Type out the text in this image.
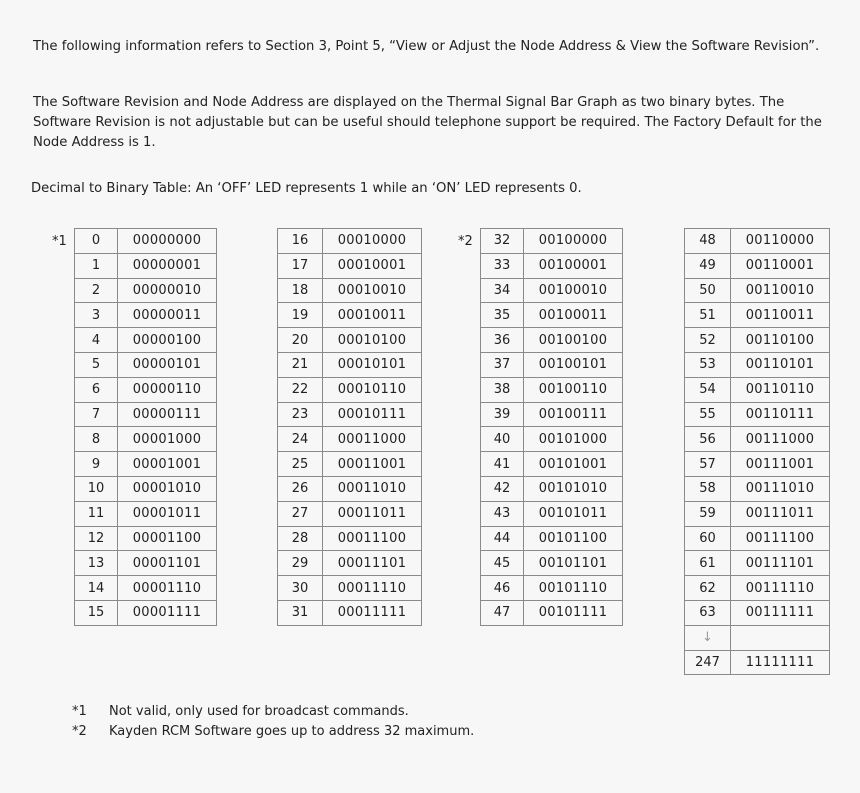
The following information refers to Section 3, Point 5, “View or Adjust the Node Address & View the Software Revision”.

The Software Revision and Node Address are displayed on the Thermal Signal Bar Graph as two binary bytes. The Software Revision is not adjustable but can be useful should telephone support be required. The Factory Default for the Node Address is 1.

Decimal to Binary Table: An ‘OFF’ LED represents 1 while an ‘ON’ LED represents 0.

*1	*2
0	00000000
1	00000001
2	00000010
3	00000011
4	00000100
5	00000101
6	00000110
7	00000111
8	00001000
9	00001001
10	00001010
11	00001011
12	00001100
13	00001101
14	00001110
15	00001111
16	00010000
17	00010001
18	00010010
19	00010011
20	00010100
21	00010101
22	00010110
23	00010111
24	00011000
25	00011001
26	00011010
27	00011011
28	00011100
29	00011101
30	00011110
31	00011111
32	00100000
33	00100001
34	00100010
35	00100011
36	00100100
37	00100101
38	00100110
39	00100111
40	00101000
41	00101001
42	00101010
43	00101011
44	00101100
45	00101101
46	00101110
47	00101111
48	00110000
49	00110001
50	00110010
51	00110011
52	00110100
53	00110101
54	00110110
55	00110111
56	00111000
57	00111001
58	00111010
59	00111011
60	00111100
61	00111101
62	00111110
63	00111111
↓	
247	11111111
*1 Not valid, only used for broadcast commands.
*2 Kayden RCM Software goes up to address 32 maximum.
